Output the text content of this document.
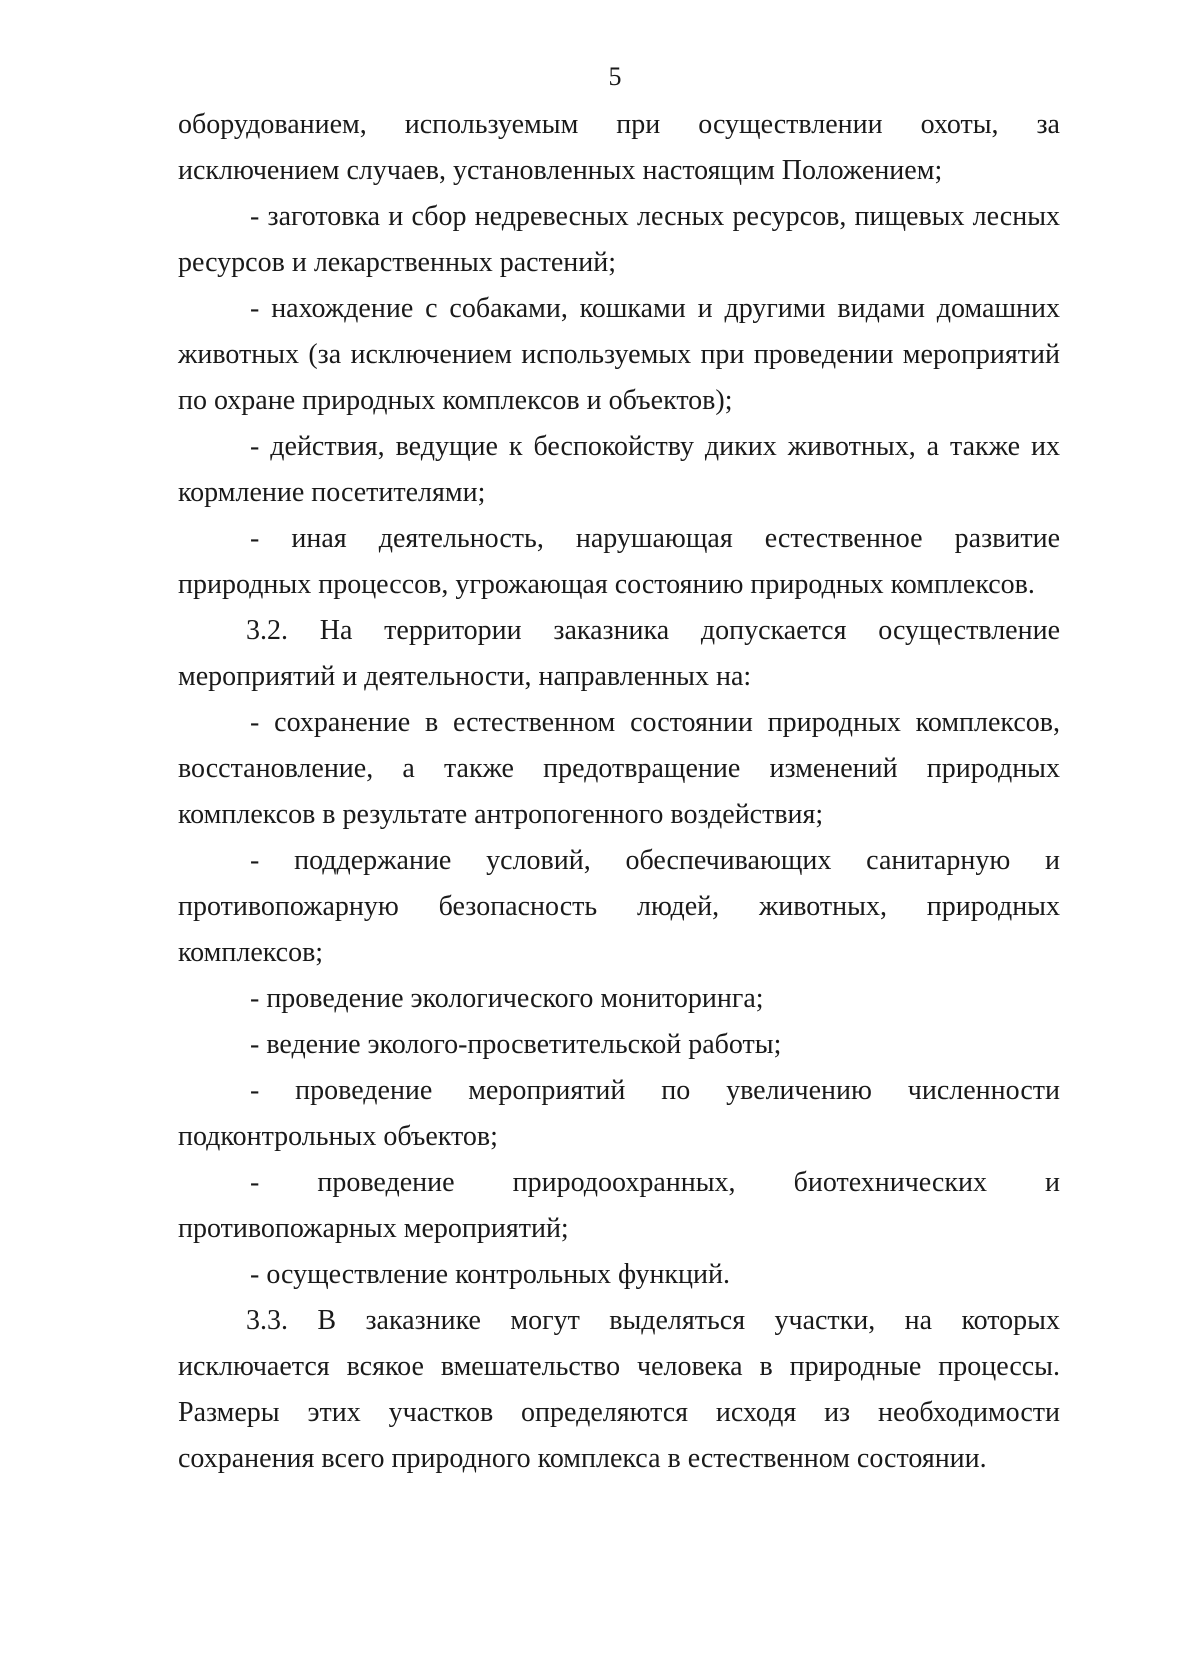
5

оборудованием, используемым при осуществлении охоты, за исключением случаев, установленных настоящим Положением;

- заготовка и сбор недревесных лесных ресурсов, пищевых лесных ресурсов и лекарственных растений;

- нахождение с собаками, кошками и другими видами домашних животных (за исключением используемых при проведении мероприятий по охране природных комплексов и объектов);

- действия, ведущие к беспокойству диких животных, а также их кормление посетителями;

- иная деятельность, нарушающая естественное развитие природных процессов, угрожающая состоянию природных комплексов.

3.2. На территории заказника допускается осуществление мероприятий и деятельности, направленных на:

- сохранение в естественном состоянии природных комплексов, восстановление, а также предотвращение изменений природных комплексов в результате антропогенного воздействия;

- поддержание условий, обеспечивающих санитарную и противопожарную безопасность людей, животных, природных комплексов;

- проведение экологического мониторинга;

- ведение эколого-просветительской работы;

- проведение мероприятий по увеличению численности подконтрольных объектов;

- проведение природоохранных, биотехнических и противопожарных мероприятий;

- осуществление контрольных функций.

3.3. В заказнике могут выделяться участки, на которых исключается всякое вмешательство человека в природные процессы. Размеры этих участков определяются исходя из необходимости сохранения всего природного комплекса в естественном состоянии.
